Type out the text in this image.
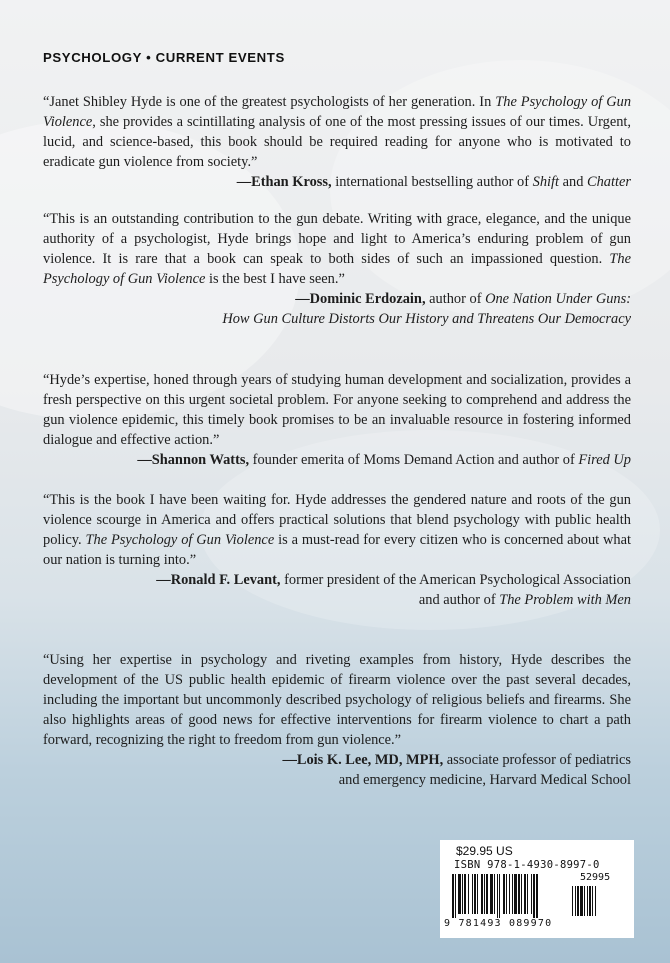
PSYCHOLOGY • CURRENT EVENTS

“Janet Shibley Hyde is one of the greatest psychologists of her generation. In The Psychology of Gun Violence, she provides a scintillating analysis of one of the most pressing issues of our times. Urgent, lucid, and science-based, this book should be required reading for anyone who is motivated to eradicate gun violence from society.”

—Ethan Kross, international bestselling author of Shift and Chatter

“This is an outstanding contribution to the gun debate. Writing with grace, elegance, and the unique authority of a psychologist, Hyde brings hope and light to America’s enduring problem of gun violence. It is rare that a book can speak to both sides of such an impassioned question. The Psychology of Gun Violence is the best I have seen.”

—Dominic Erdozain, author of One Nation Under Guns:
How Gun Culture Distorts Our History and Threatens Our Democracy

“Hyde’s expertise, honed through years of studying human development and socialization, provides a fresh perspective on this urgent societal problem. For anyone seeking to comprehend and address the gun violence epidemic, this timely book promises to be an invaluable resource in fostering informed dialogue and effective action.”

—Shannon Watts, founder emerita of Moms Demand Action and author of Fired Up

“This is the book I have been waiting for. Hyde addresses the gendered nature and roots of the gun violence scourge in America and offers practical solutions that blend psychology with public health policy. The Psychology of Gun Violence is a must-read for every citizen who is concerned about what our nation is turning into.”

—Ronald F. Levant, former president of the American Psychological Association
and author of The Problem with Men

“Using her expertise in psychology and riveting examples from history, Hyde describes the development of the US public health epidemic of firearm violence over the past several decades, including the important but uncommonly described psychology of religious beliefs and firearms. She also highlights areas of good news for effective interventions for firearm violence to chart a path forward, recognizing the right to freedom from gun violence.”

—Lois K. Lee, MD, MPH, associate professor of pediatrics
and emergency medicine, Harvard Medical School

$29.95 US
ISBN 978-1-4930-8997-0
52995
9 781493 089970
